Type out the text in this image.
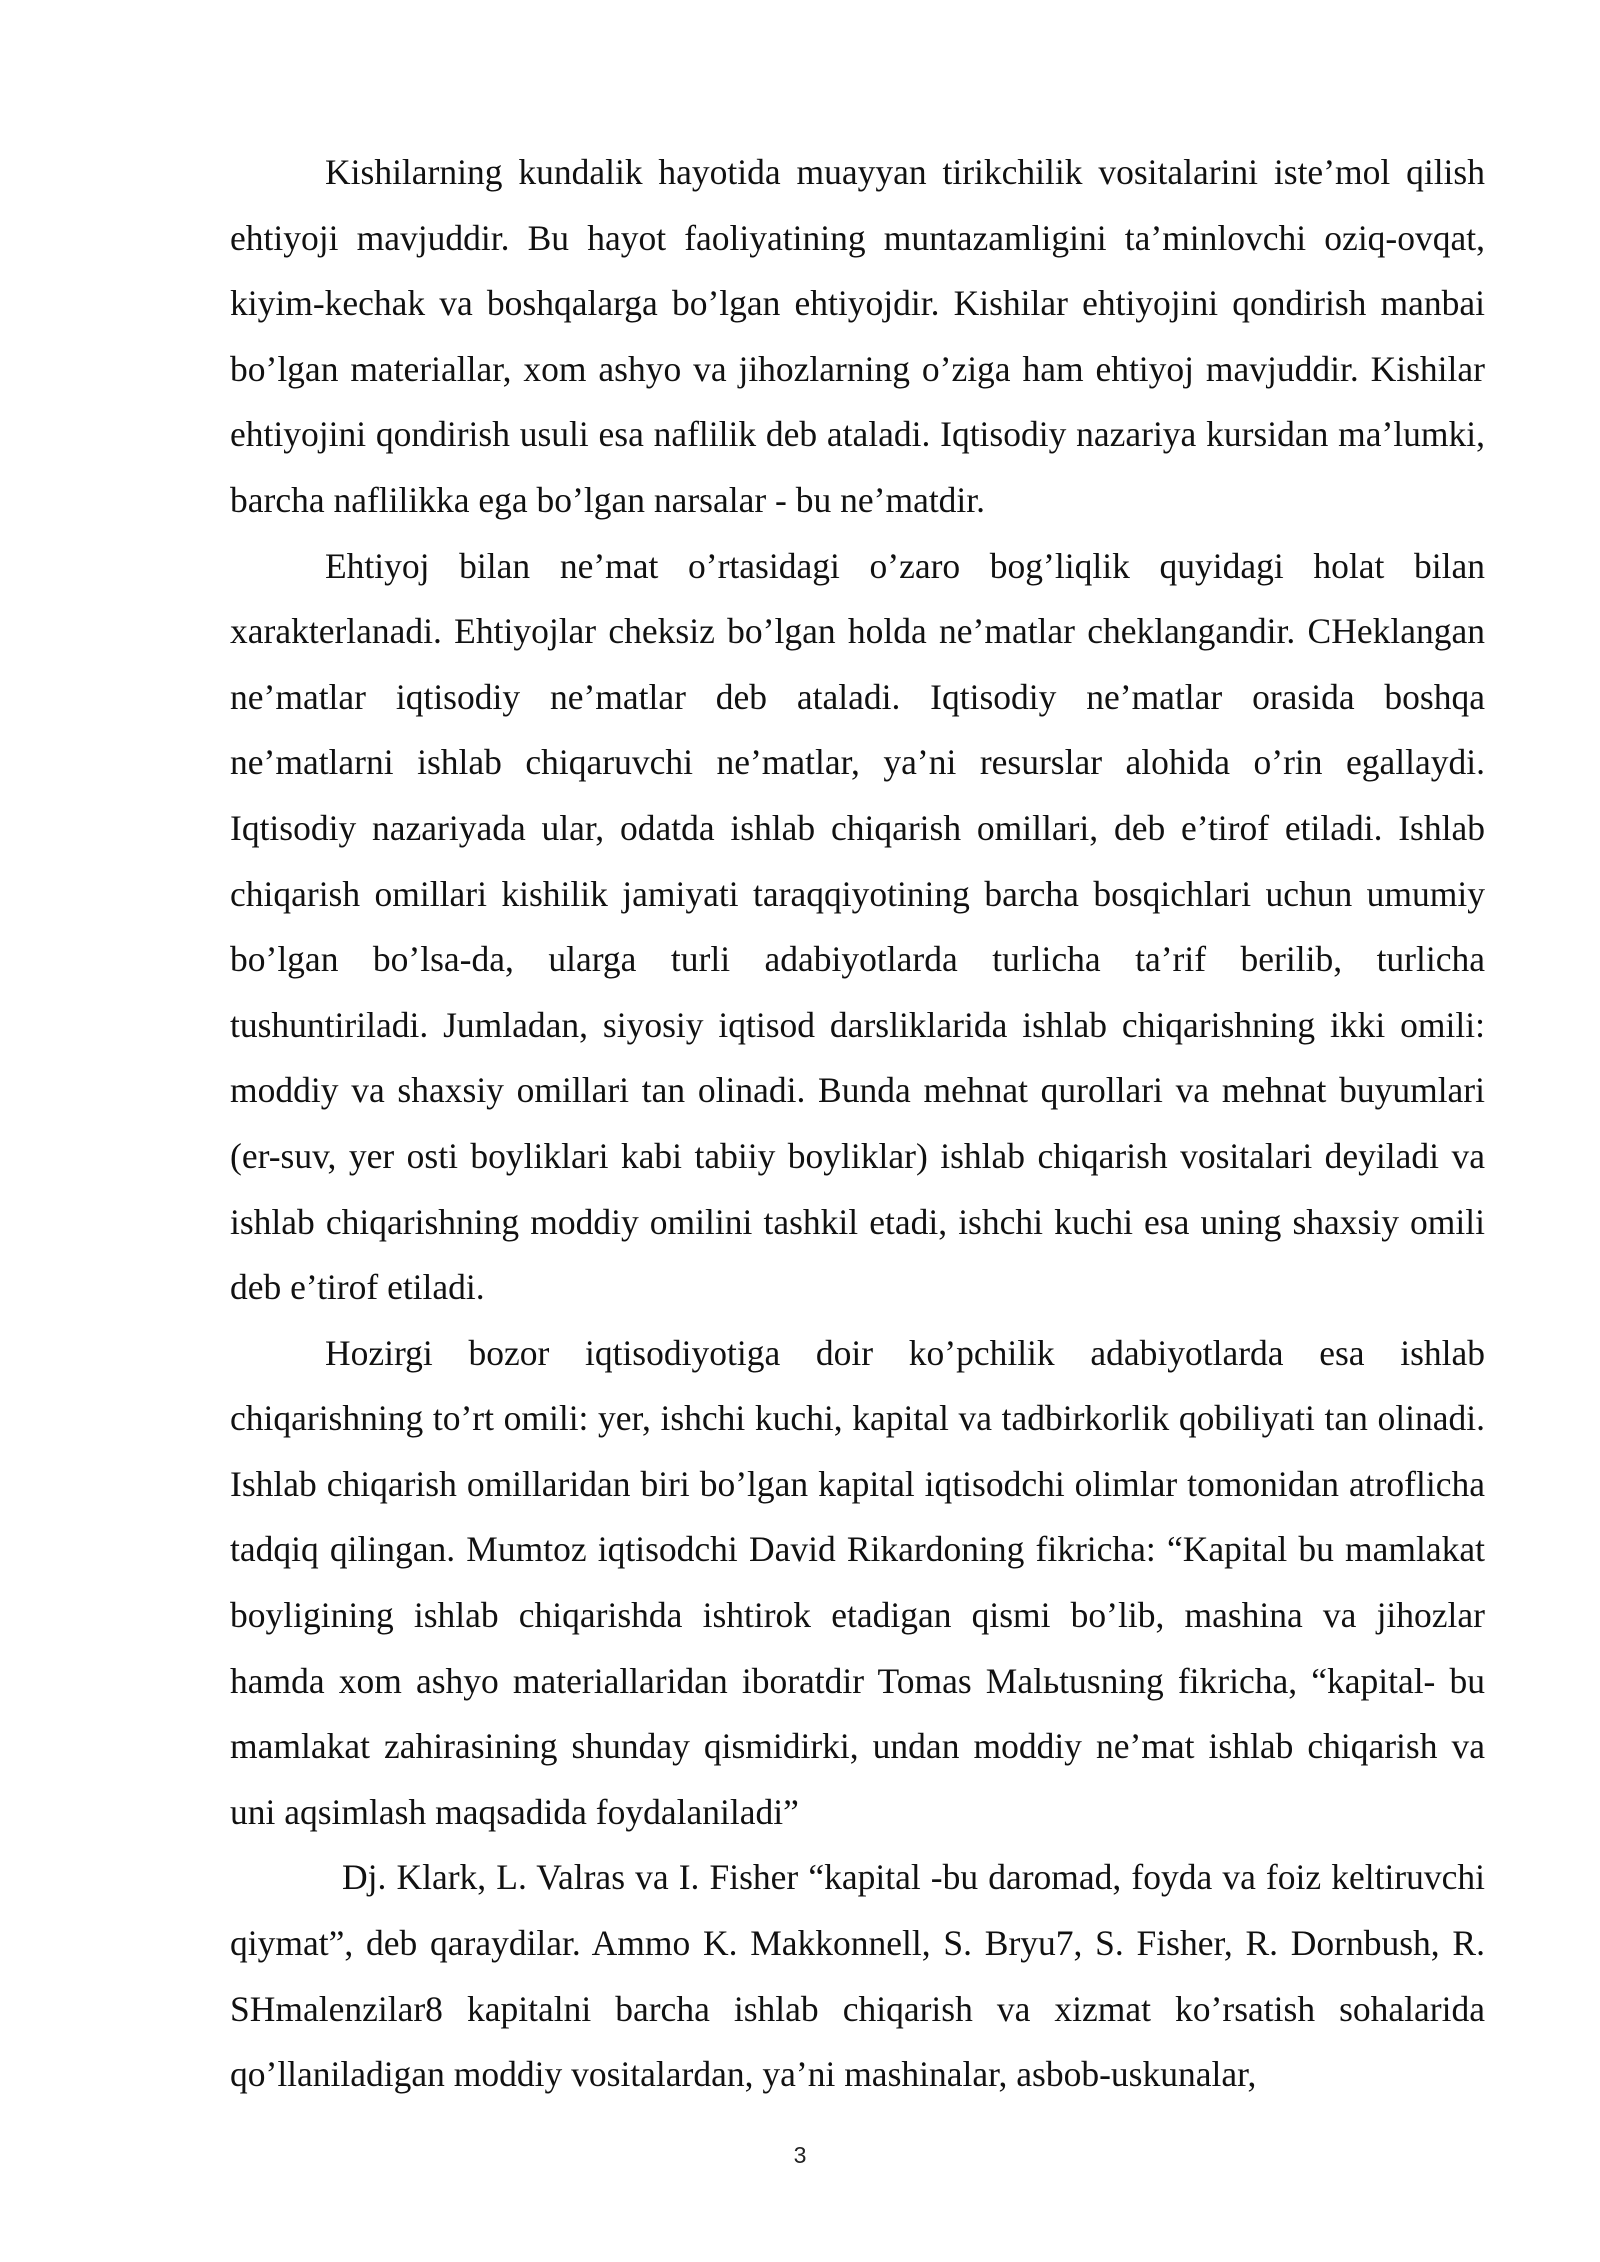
Kishilarning kundalik hayotida muayyan tirikchilik vositalarini iste’mol qilish ehtiyoji mavjuddir. Bu hayot faoliyatining muntazamligini ta’minlovchi oziq-ovqat, kiyim-kechak va boshqalarga bo’lgan ehtiyojdir. Kishilar ehtiyojini qondirish manbai bo’lgan materiallar, xom ashyo va jihozlarning o’ziga ham ehtiyoj mavjuddir. Kishilar ehtiyojini qondirish usuli esa naflilik deb ataladi. Iqtisodiy nazariya kursidan ma’lumki, barcha naflilikka ega bo’lgan narsalar - bu ne’matdir.

Ehtiyoj bilan ne’mat o’rtasidagi o’zaro bog’liqlik quyidagi holat bilan xarakterlanadi. Ehtiyojlar cheksiz bo’lgan holda ne’matlar cheklangandir. CHeklangan ne’matlar iqtisodiy ne’matlar deb ataladi. Iqtisodiy ne’matlar orasida boshqa ne’matlarni ishlab chiqaruvchi ne’matlar, ya’ni resurslar alohida o’rin egallaydi. Iqtisodiy nazariyada ular, odatda ishlab chiqarish omillari, deb e’tirof etiladi. Ishlab chiqarish omillari kishilik jamiyati taraqqiyotining barcha bosqichlari uchun umumiy bo’lgan bo’lsa-da, ularga turli adabiyotlarda turlicha ta’rif berilib, turlicha tushuntiriladi. Jumladan, siyosiy iqtisod darsliklarida ishlab chiqarishning ikki omili: moddiy va shaxsiy omillari tan olinadi. Bunda mehnat qurollari va mehnat buyumlari (er-suv, yer osti boyliklari kabi tabiiy boyliklar) ishlab chiqarish vositalari deyiladi va ishlab chiqarishning moddiy omilini tashkil etadi, ishchi kuchi esa uning shaxsiy omili deb e’tirof etiladi.

Hozirgi bozor iqtisodiyotiga doir ko’pchilik adabiyotlarda esa ishlab chiqarishning to’rt omili: yer, ishchi kuchi, kapital va tadbirkorlik qobiliyati tan olinadi. Ishlab chiqarish omillaridan biri bo’lgan kapital iqtisodchi olimlar tomonidan atroflicha tadqiq qilingan. Mumtoz iqtisodchi David Rikardoning fikricha: “Kapital bu mamlakat boyligining ishlab chiqarishda ishtirok etadigan qismi bo’lib, mashina va jihozlar hamda xom ashyo materiallaridan iboratdir Tomas Malьtusning fikricha, “kapital- bu mamlakat zahirasining shunday qismidirki, undan moddiy ne’mat ishlab chiqarish va uni aqsimlash maqsadida foydalaniladi”

Dj. Klark, L. Valras va I. Fisher “kapital -bu daromad, foyda va foiz keltiruvchi qiymat”, deb qaraydilar. Ammo K. Makkonnell, S. Bryu7, S. Fisher, R. Dornbush, R. SHmalenzilar8 kapitalni barcha ishlab chiqarish va xizmat ko’rsatish sohalarida qo’llaniladigan moddiy vositalardan, ya’ni mashinalar, asbob-uskunalar,

3
